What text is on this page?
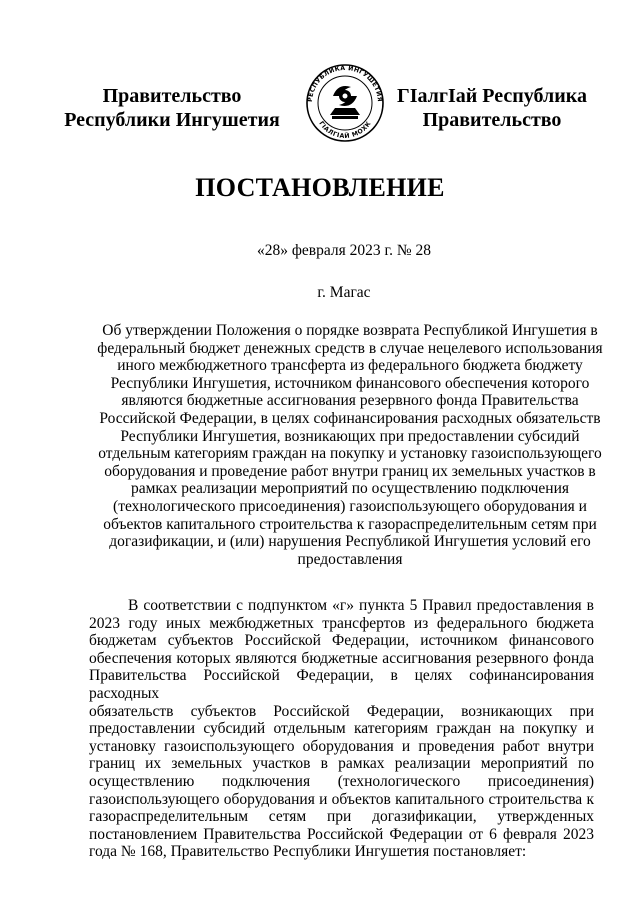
Правительство
Республики Ингушетия
РЕСПУБЛИКА ИНГУШЕТИЯ
ГIАЛГIАЙ МОХК
ГIалгIай Республика
Правительство
ПОСТАНОВЛЕНИЕ
«28» февраля 2023 г. № 28
г. Магас
Об утверждении Положения о порядке возврата Республикой Ингушетия в
федеральный бюджет денежных средств в случае нецелевого использования
иного межбюджетного трансферта из федерального бюджета бюджету
Республики Ингушетия, источником финансового обеспечения которого
являются бюджетные ассигнования резервного фонда Правительства
Российской Федерации, в целях софинансирования расходных обязательств
Республики Ингушетия, возникающих при предоставлении субсидий
отдельным категориям граждан на покупку и установку газоиспользующего
оборудования и проведение работ внутри границ их земельных участков в
рамках реализации мероприятий по осуществлению подключения
(технологического присоединения) газоиспользующего оборудования и
объектов капитального строительства к газораспределительным сетям при
догазификации, и (или) нарушения Республикой Ингушетия условий его
предоставления
В соответствии с подпунктом «г» пункта 5 Правил предоставления в
2023 году иных межбюджетных трансфертов из федерального бюджета
бюджетам субъектов Российской Федерации, источником финансового
обеспечения которых являются бюджетные ассигнования резервного фонда
Правительства Российской Федерации, в целях софинансирования расходных
обязательств субъектов Российской Федерации, возникающих при
предоставлении субсидий отдельным категориям граждан на покупку и
установку газоиспользующего оборудования и проведения работ внутри
границ их земельных участков в рамках реализации мероприятий по
осуществлению подключения (технологического присоединения)
газоиспользующего оборудования и объектов капитального строительства к
газораспределительным сетям при догазификации, утвержденных
постановлением Правительства Российской Федерации от 6 февраля 2023
года № 168, Правительство Республики Ингушетия постановляет:
